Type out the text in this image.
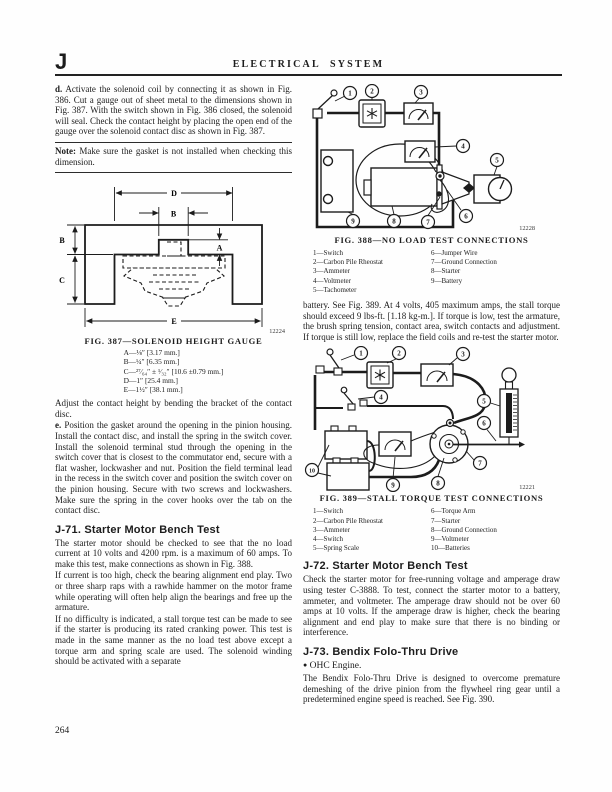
J	ELECTRICAL SYSTEM

d. Activate the solenoid coil by connecting it as shown in Fig. 386. Cut a gauge out of sheet metal to the dimensions shown in Fig. 387. With the switch shown in Fig. 386 closed, the solenoid will seal. Check the contact height by placing the open end of the gauge over the solenoid contact disc as shown in Fig. 387.

Note: Make sure the gasket is not installed when checking this dimension.

D
B
A
B
C
E
12224
FIG. 387—SOLENOID HEIGHT GAUGE
A—⅛″ [3.17 mm.]
B—¼″ [6.35 mm.]
C—²⁷⁄₆₄″ ± ¹⁄₃₂″ [10.6 ±0.79 mm.]
D—1″ [25.4 mm.]
E—1½″ [38.1 mm.]

Adjust the contact height by bending the bracket of the contact disc.

e. Position the gasket around the opening in the pinion housing. Install the contact disc, and install the spring in the switch cover. Install the solenoid terminal stud through the opening in the switch cover that is closest to the commutator end, secure with a flat washer, lockwasher and nut. Position the field terminal lead in the recess in the switch cover and position the switch cover on the pinion housing. Secure with two screws and lockwashers. Make sure the spring in the cover hooks over the tab on the contact disc.

J-71. Starter Motor Bench Test

The starter motor should be checked to see that the no load current at 10 volts and 4200 rpm. is a maximum of 60 amps. To make this test, make connections as shown in Fig. 388.

If current is too high, check the bearing alignment end play. Two or three sharp raps with a rawhide hammer on the motor frame while operating will often help align the bearings and free up the armature.

If no difficulty is indicated, a stall torque test can be made to see if the starter is producing its rated cranking power. This test is made in the same manner as the no load test above except a torque arm and spring scale are used. The solenoid winding should be activated with a separate

1	2	3
4
5
6
7
8
9
12228
FIG. 388—NO LOAD TEST CONNECTIONS
1—Switch
2—Carbon Pile Rheostat
3—Ammeter
4—Voltmeter
5—Tachometer
6—Jumper Wire
7—Ground Connection
8—Starter
9—Battery

battery. See Fig. 389. At 4 volts, 405 maximum amps, the stall torque should exceed 9 lbs-ft. [1.18 kg-m.]. If torque is low, test the armature, the brush spring tension, contact area, switch contacts and adjustment. If torque is still low, replace the field coils and re-test the starter motor.

1	2	3
4	5
6
7
8
9
10
12221
FIG. 389—STALL TORQUE TEST CONNECTIONS
1—Switch
2—Carbon Pile Rheostat
3—Ammeter
4—Switch
5—Spring Scale
6—Torque Arm
7—Starter
8—Ground Connection
9—Voltmeter
10—Batteries
J-72. Starter Motor Bench Test

Check the starter motor for free-running voltage and amperage draw using tester C-3888. To test, connect the starter motor to a battery, ammeter, and voltmeter. The amperage draw should not be over 60 amps at 10 volts. If the amperage draw is higher, check the bearing alignment and end play to make sure that there is no binding or interference.

J-73. Bendix Folo-Thru Drive
● OHC Engine.

The Bendix Folo-Thru Drive is designed to overcome premature demeshing of the drive pinion from the flywheel ring gear until a predetermined engine speed is reached. See Fig. 390.

264
